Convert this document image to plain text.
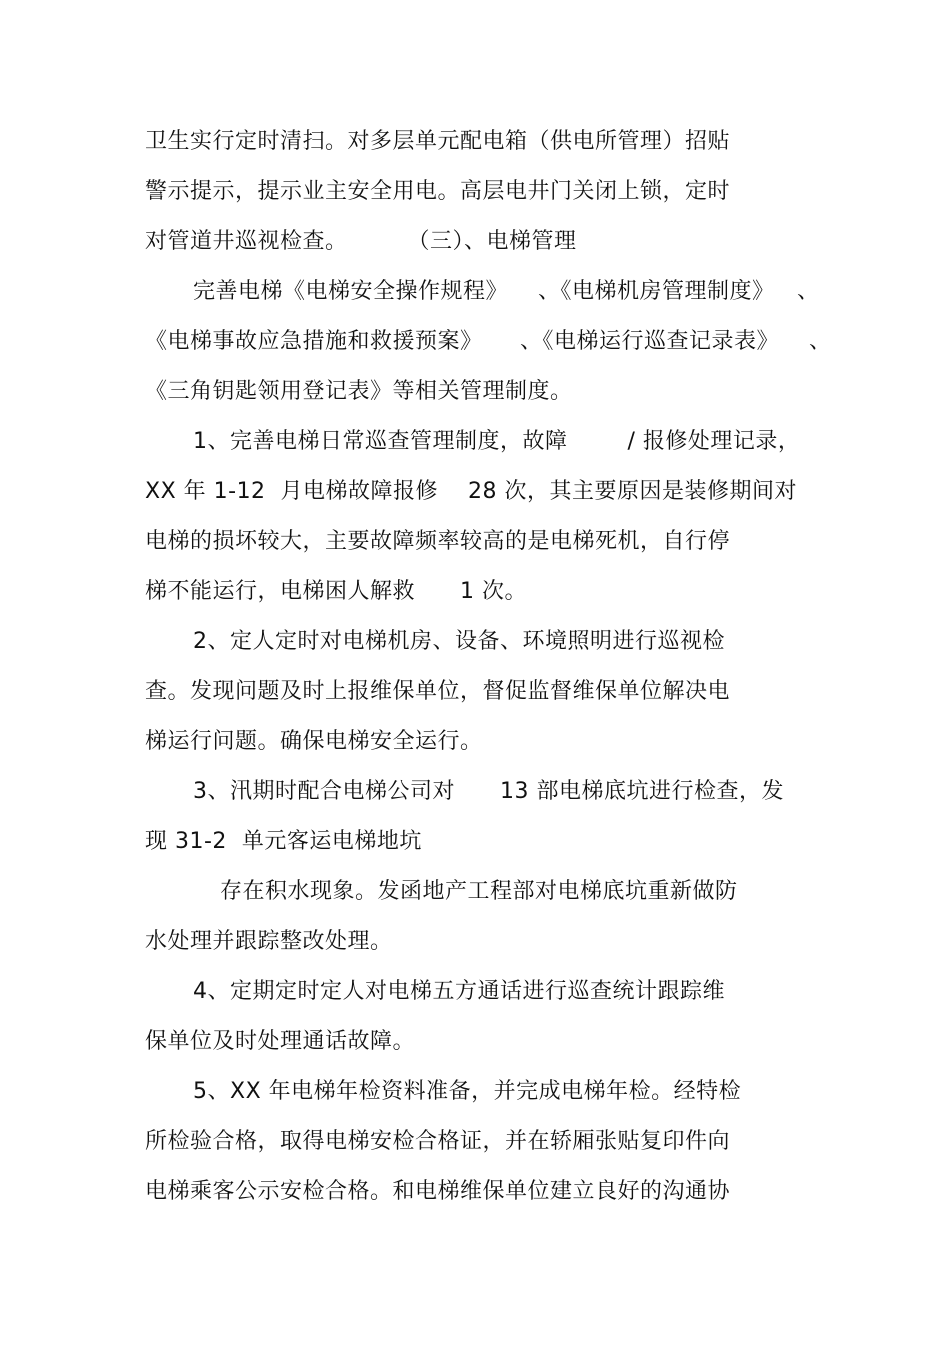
卫生实行定时清扫。对多层单元配电箱（供电所管理）招贴
警示提示，提示业主安全用电。高层电井门关闭上锁，定时
对管道井巡视检查。        （三）、电梯管理
完善电梯《电梯安全操作规程》    、《电梯机房管理制度》   、
《电梯事故应急措施和救援预案》     、《电梯运行巡查记录表》    、
《三角钥匙领用登记表》等相关管理制度。
1、完善电梯日常巡查管理制度，故障        / 报修处理记录，
XX 年 1-12  月电梯故障报修    28 次，其主要原因是装修期间对
电梯的损坏较大，主要故障频率较高的是电梯死机，自行停
梯不能运行，电梯困人解救      1 次。
2、定人定时对电梯机房、设备、环境照明进行巡视检
查。发现问题及时上报维保单位，督促监督维保单位解决电
梯运行问题。确保电梯安全运行。
3、汛期时配合电梯公司对      13 部电梯底坑进行检查，发
现 31-2  单元客运电梯地坑
存在积水现象。发函地产工程部对电梯底坑重新做防
水处理并跟踪整改处理。
4、定期定时定人对电梯五方通话进行巡查统计跟踪维
保单位及时处理通话故障。
5、XX 年电梯年检资料准备，并完成电梯年检。经特检
所检验合格，取得电梯安检合格证，并在轿厢张贴复印件向
电梯乘客公示安检合格。和电梯维保单位建立良好的沟通协
